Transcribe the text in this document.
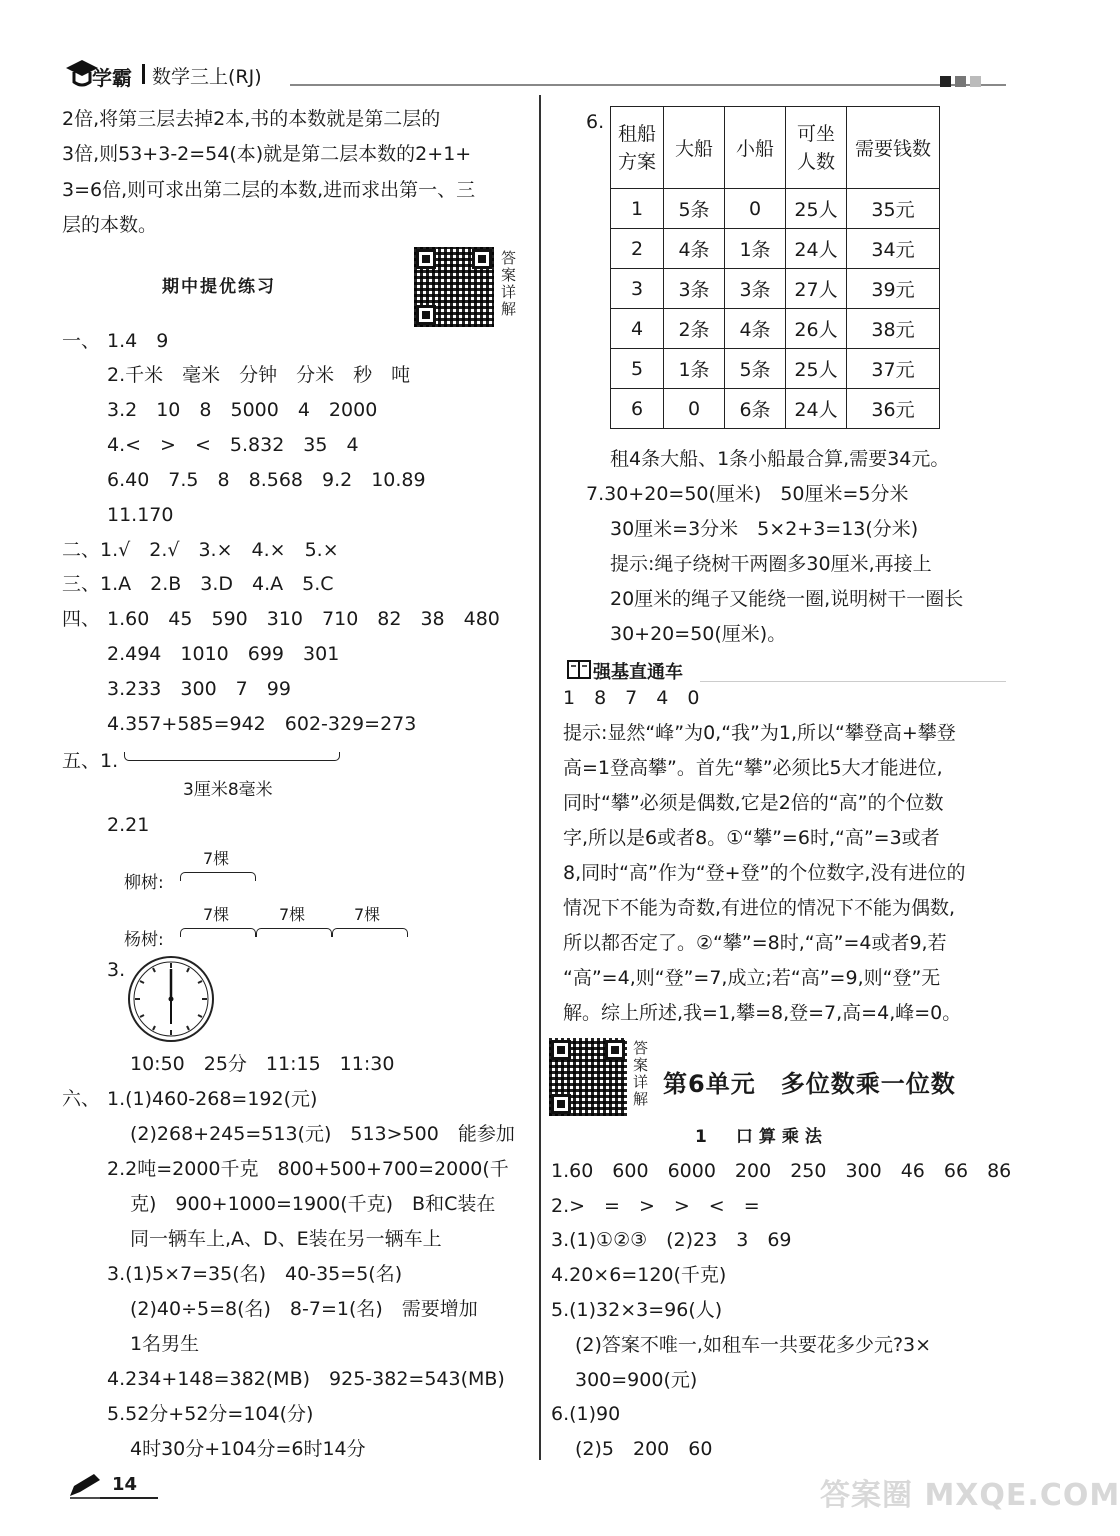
学霸 数学三上(RJ)
2倍,将第三层去掉2本,书的本数就是第二层的
3倍,则53+3-2=54(本)就是第二层本数的2+1+
3=6倍,则可求出第二层的本数,进而求出第一、三
层的本数。
期中提优练习
答案详解
一、 1.4　9
2.千米　毫米　分钟　分米　秒　吨
3.2　10　8　5000　4　2000
4.<　>　<　5.832　35　4
6.40　7.5　8　8.568　9.2　10.89
11.170
二、1.√　2.√　3.×　4.×　5.×
三、1.A　2.B　3.D　4.A　5.C
四、 1.60　45　590　310　710　82　38　480
2.494　1010　699　301
3.233　300　7　99
4.357+585=942　602-329=273
五、1.
3厘米8毫米
2.21
柳树:
7棵
杨树:
7棵	7棵	7棵
3.
10:50　25分　11:15　11:30
六、 1.(1)460-268=192(元)
(2)268+245=513(元)　513>500　能参加
2.2吨=2000千克　800+500+700=2000(千
克)　900+1000=1900(千克)　B和C装在
同一辆车上,A、D、E装在另一辆车上
3.(1)5×7=35(名)　40-35=5(名)
(2)40÷5=8(名)　8-7=1(名)　需要增加
1名男生
4.234+148=382(MB)　925-382=543(MB)
5.52分+52分=104(分)
4时30分+104分=6时14分
14
6.
租船方案	大船	小船	可坐人数	需要钱数
1	5条	0	25人	35元
2	4条	1条	24人	34元
3	3条	3条	27人	39元
4	2条	4条	26人	38元
5	1条	5条	25人	37元
6	0	6条	24人	36元
租4条大船、1条小船最合算,需要34元。
7.30+20=50(厘米)　50厘米=5分米
30厘米=3分米　5×2+3=13(分米)
提示:绳子绕树干两圈多30厘米,再接上
20厘米的绳子又能绕一圈,说明树干一圈长
30+20=50(厘米)。
强基直通车
1　8　7　4　0
提示:显然“峰”为0,“我”为1,所以“攀登高+攀登
高=1登高攀”。首先“攀”必须比5大才能进位,
同时“攀”必须是偶数,它是2倍的“高”的个位数
字,所以是6或者8。①“攀”=6时,“高”=3或者
8,同时“高”作为“登+登”的个位数字,没有进位的
情况下不能为奇数,有进位的情况下不能为偶数,
所以都否定了。②“攀”=8时,“高”=4或者9,若
“高”=4,则“登”=7,成立;若“高”=9,则“登”无
解。综上所述,我=1,攀=8,登=7,高=4,峰=0。
答案详解
第6单元　多位数乘一位数
1　口算乘法
1.60　600　6000　200　250　300　46　66　86
2.>　=　>　>　<　=
3.(1)①②③　(2)23　3　69
4.20×6=120(千克)
5.(1)32×3=96(人)
(2)答案不唯一,如租车一共要花多少元?3×
300=900(元)
6.(1)90
(2)5　200　60
答案圈 MXQE.COM
